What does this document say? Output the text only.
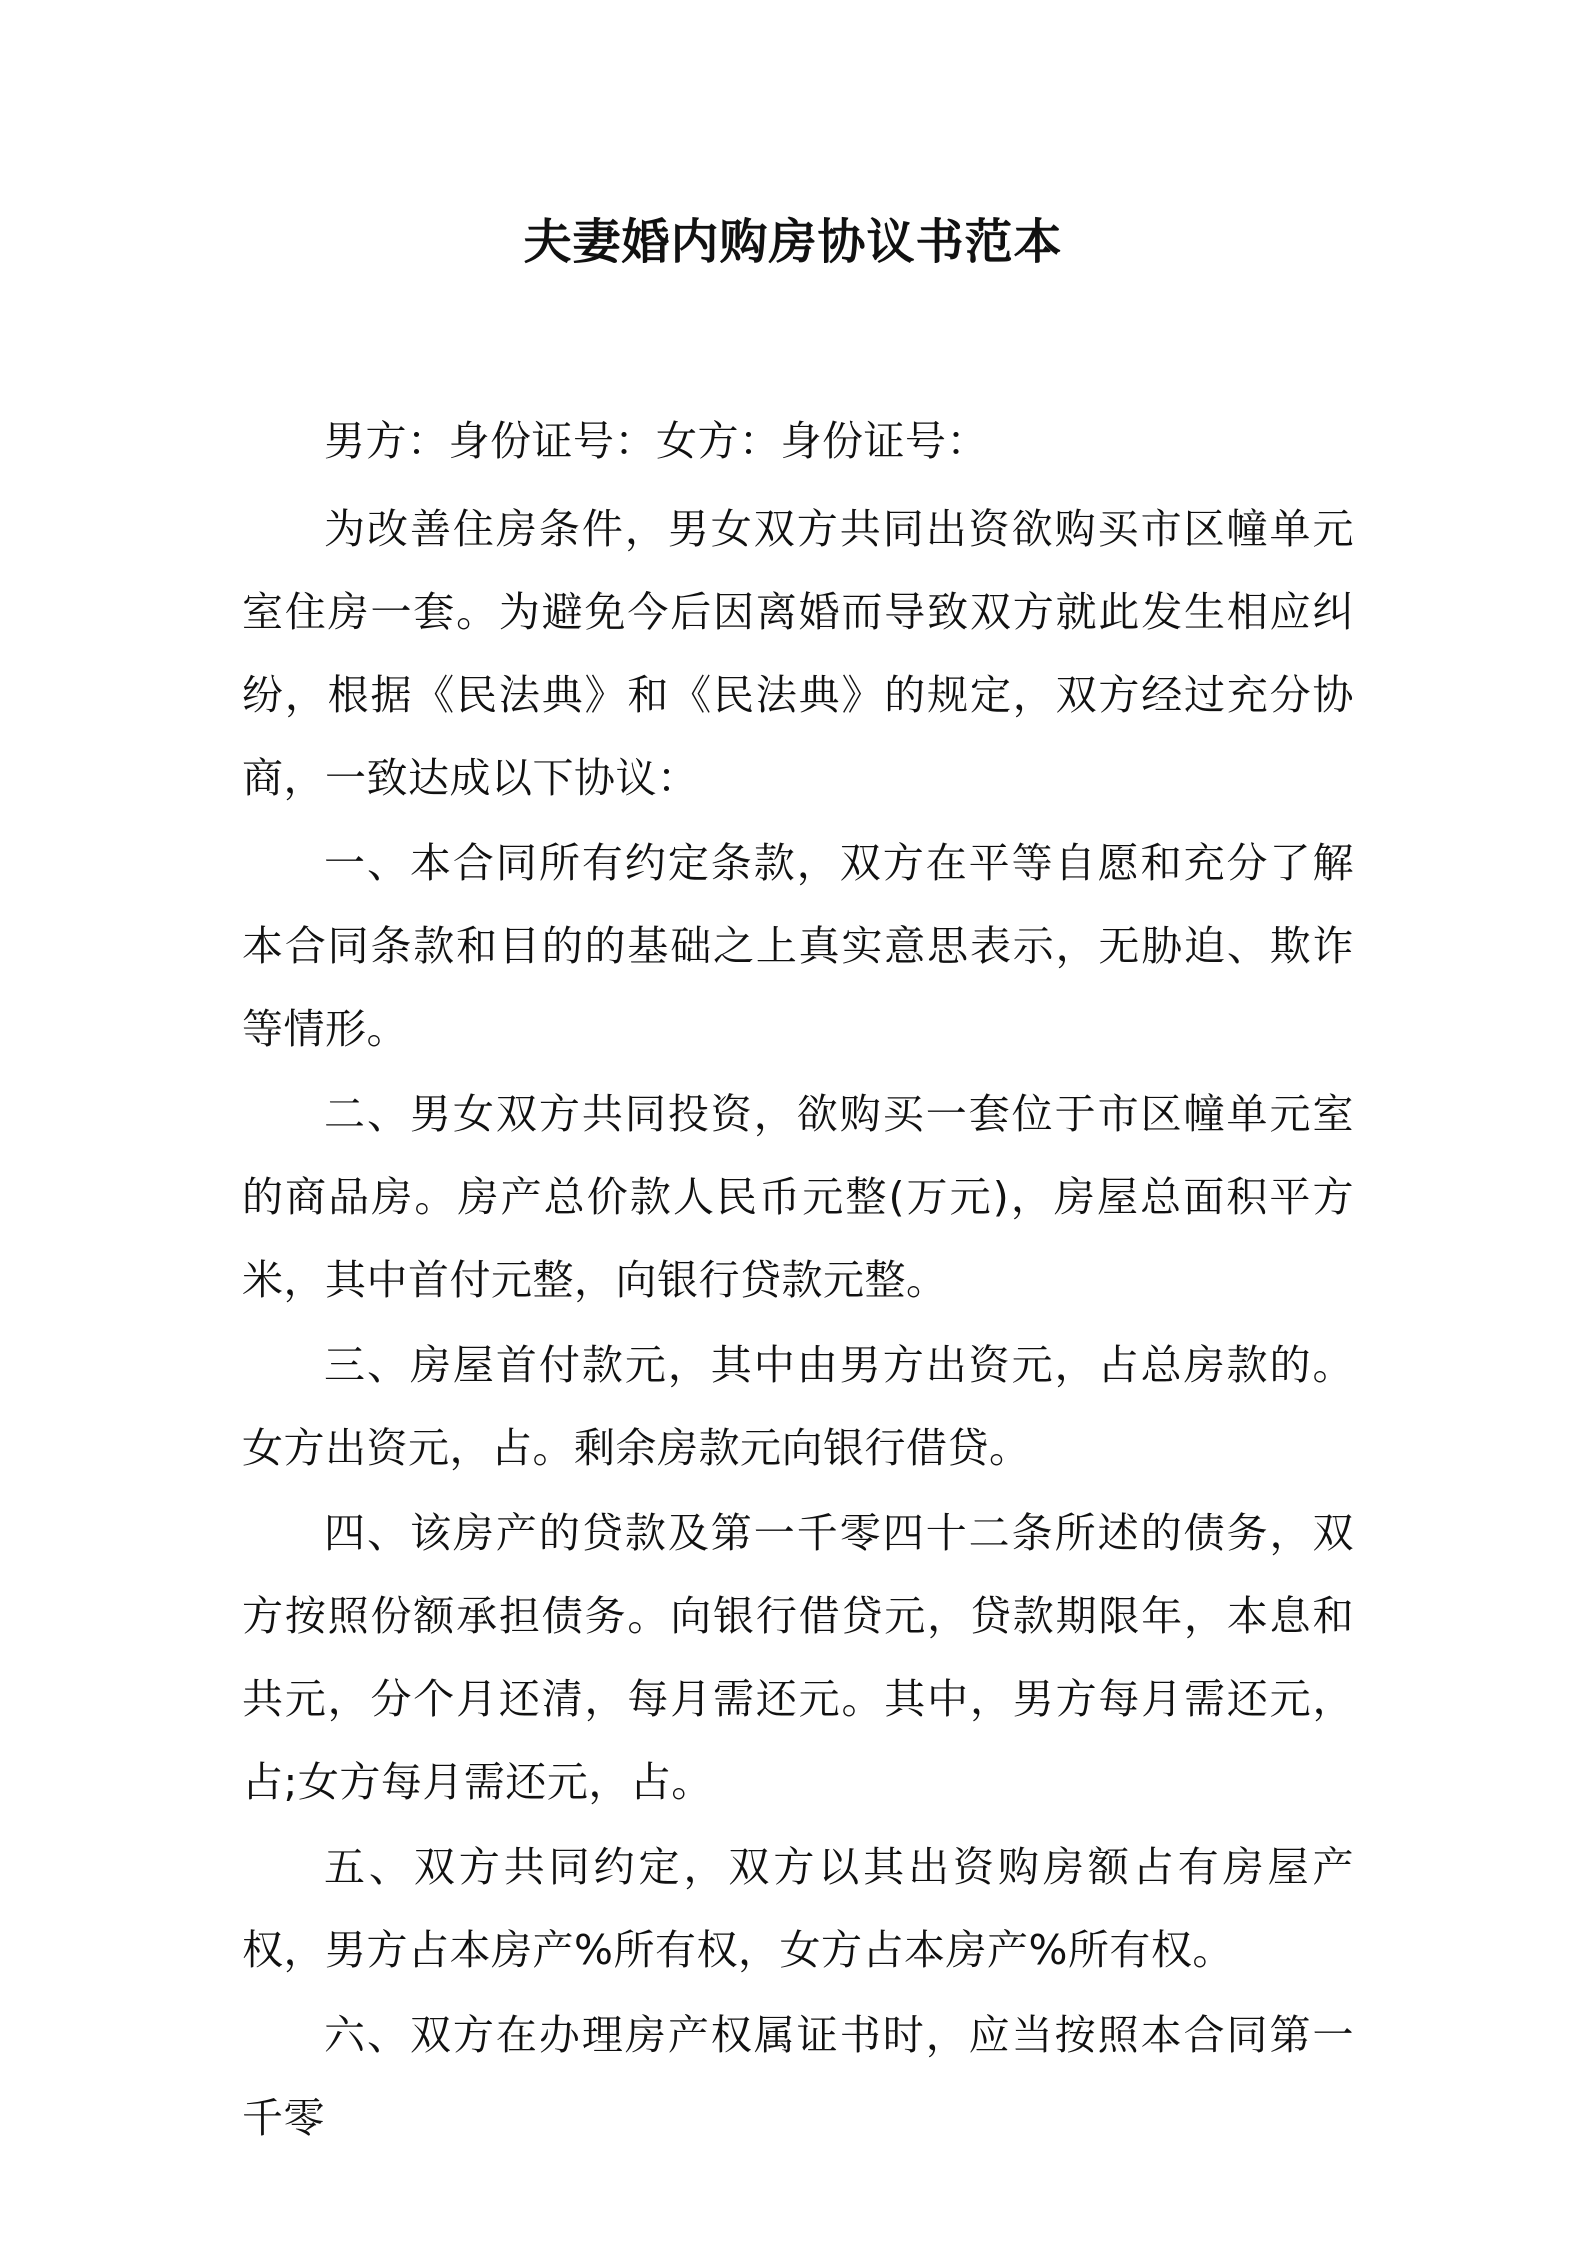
夫妻婚内购房协议书范本

男方：身份证号：女方：身份证号：

为改善住房条件，男女双方共同出资欲购买市区幢单元室住房一套。为避免今后因离婚而导致双方就此发生相应纠纷，根据《民法典》和《民法典》的规定，双方经过充分协商，一致达成以下协议：

一、本合同所有约定条款，双方在平等自愿和充分了解本合同条款和目的的基础之上真实意思表示，无胁迫、欺诈等情形。

二、男女双方共同投资，欲购买一套位于市区幢单元室的商品房。房产总价款人民币元整(万元)，房屋总面积平方米，其中首付元整，向银行贷款元整。

三、房屋首付款元，其中由男方出资元，占总房款的。女方出资元，占。剩余房款元向银行借贷。

四、该房产的贷款及第一千零四十二条所述的债务，双方按照份额承担债务。向银行借贷元，贷款期限年，本息和共元，分个月还清，每月需还元。其中，男方每月需还元，占;女方每月需还元，占。

五、双方共同约定，双方以其出资购房额占有房屋产权，男方占本房产%所有权，女方占本房产%所有权。

六、双方在办理房产权属证书时，应当按照本合同第一千零
